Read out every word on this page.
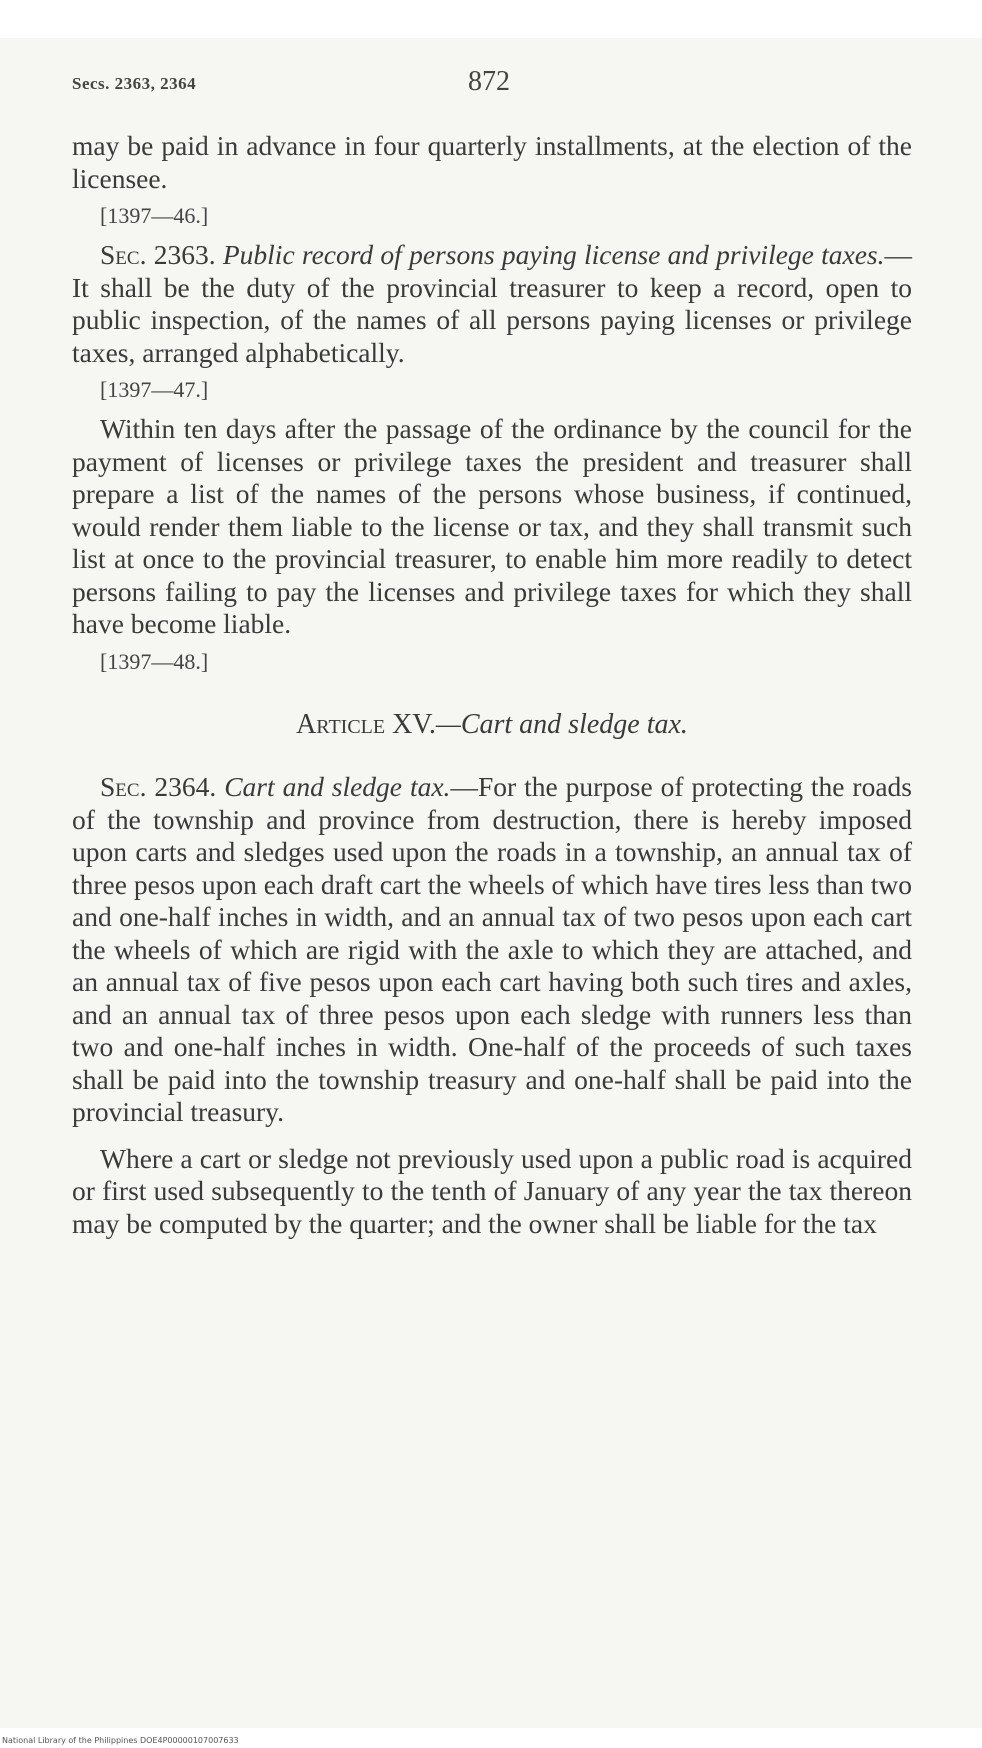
Secs. 2363, 2364	872

may be paid in advance in four quarterly installments, at the election of the licensee.

[1397—46.]

Sec. 2363. Public record of persons paying license and privilege taxes.—It shall be the duty of the provincial treasurer to keep a record, open to public inspection, of the names of all persons paying licenses or privilege taxes, arranged alphabetically.

[1397—47.]

Within ten days after the passage of the ordinance by the council for the payment of licenses or privilege taxes the president and treasurer shall prepare a list of the names of the persons whose business, if continued, would render them liable to the license or tax, and they shall transmit such list at once to the provincial treasurer, to enable him more readily to detect persons failing to pay the licenses and privilege taxes for which they shall have become liable.

[1397—48.]

Article XV.—Cart and sledge tax.

Sec. 2364. Cart and sledge tax.—For the purpose of protecting the roads of the township and province from destruction, there is hereby imposed upon carts and sledges used upon the roads in a township, an annual tax of three pesos upon each draft cart the wheels of which have tires less than two and one-half inches in width, and an annual tax of two pesos upon each cart the wheels of which are rigid with the axle to which they are attached, and an annual tax of five pesos upon each cart having both such tires and axles, and an annual tax of three pesos upon each sledge with runners less than two and one-half inches in width. One-half of the proceeds of such taxes shall be paid into the township treasury and one-half shall be paid into the provincial treasury.

Where a cart or sledge not previously used upon a public road is acquired or first used subsequently to the tenth of January of any year the tax thereon may be computed by the quarter; and the owner shall be liable for the tax

National Library of the Philippines DOE4P00000107007633
